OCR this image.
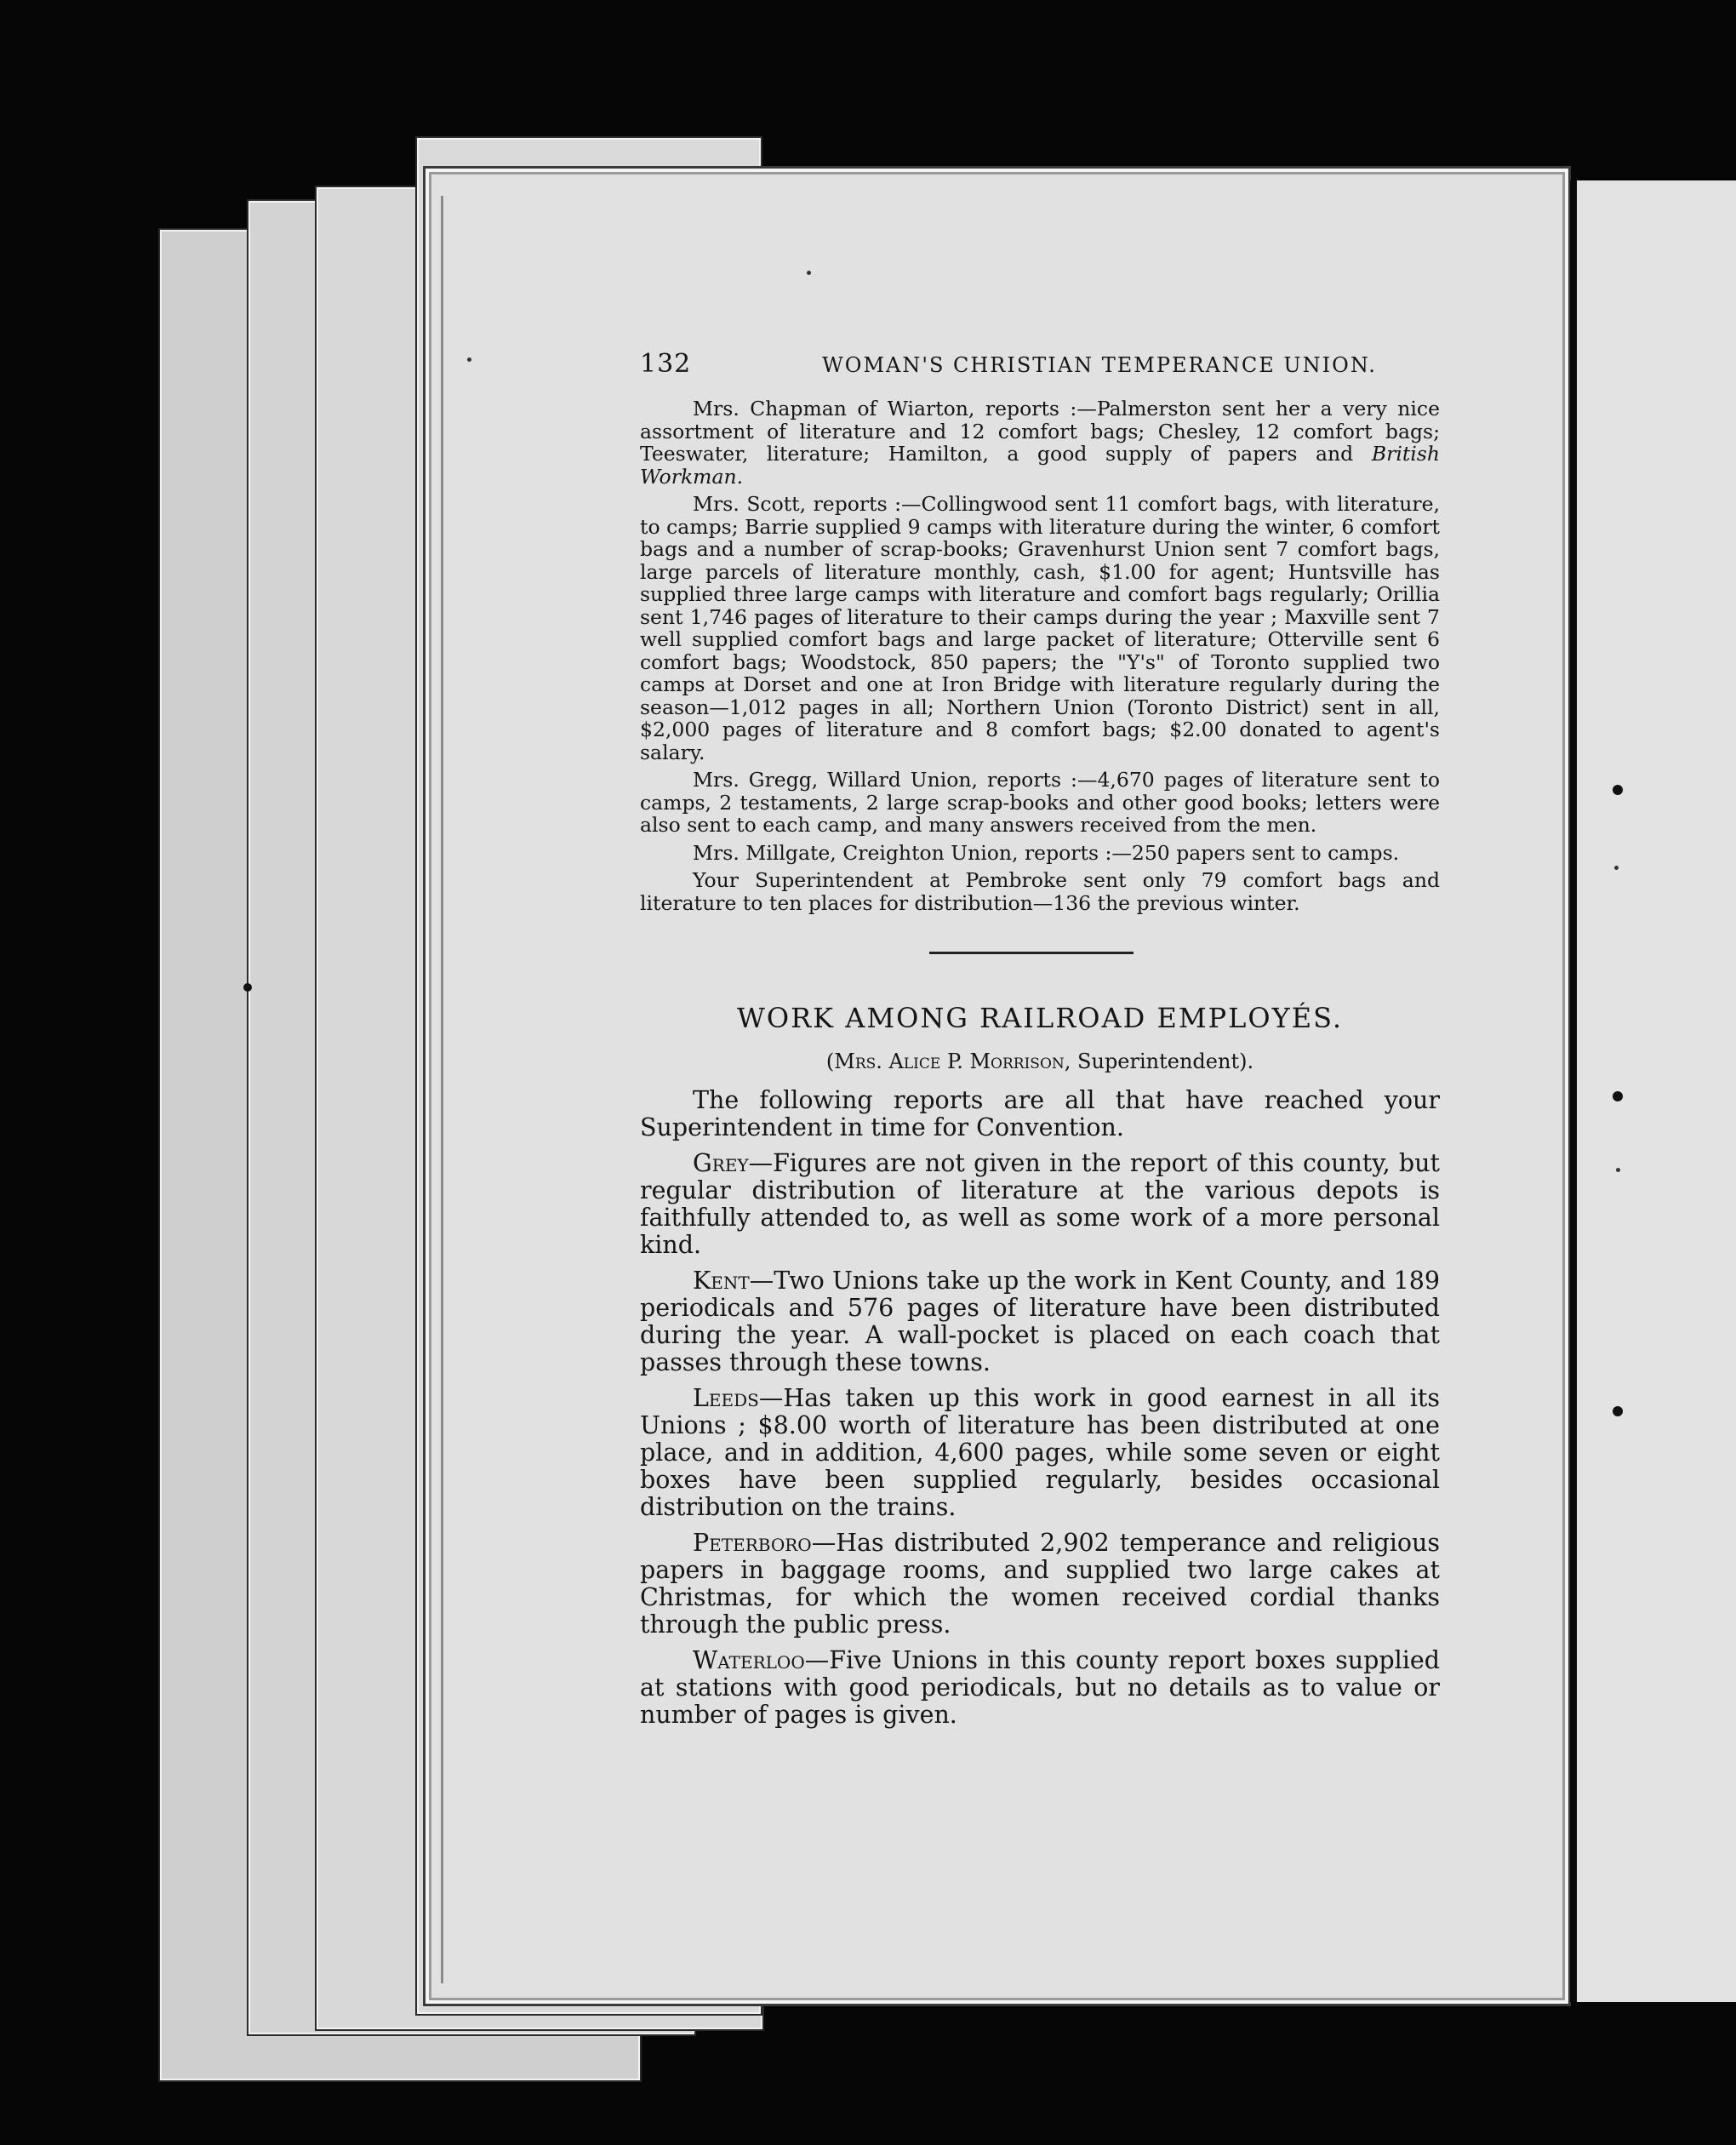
132	WOMAN'S CHRISTIAN TEMPERANCE UNION.

Mrs. Chapman of Wiarton, reports :—Palmerston sent her a very nice assortment of literature and 12 comfort bags; Chesley, 12 comfort bags; Teeswater, literature; Hamilton, a good supply of papers and British Workman.

Mrs. Scott, reports :—Collingwood sent 11 comfort bags, with literature, to camps; Barrie supplied 9 camps with literature during the winter, 6 comfort bags and a number of scrap-books; Gravenhurst Union sent 7 comfort bags, large parcels of literature monthly, cash, $1.00 for agent; Huntsville has supplied three large camps with literature and comfort bags regularly; Orillia sent 1,746 pages of literature to their camps during the year ; Maxville sent 7 well supplied comfort bags and large packet of literature; Otterville sent 6 comfort bags; Woodstock, 850 papers; the "Y's" of Toronto supplied two camps at Dorset and one at Iron Bridge with literature regularly during the season—1,012 pages in all; Northern Union (Toronto District) sent in all, $2,000 pages of literature and 8 comfort bags; $2.00 donated to agent's salary.

Mrs. Gregg, Willard Union, reports :—4,670 pages of literature sent to camps, 2 testaments, 2 large scrap-books and other good books; letters were also sent to each camp, and many answers received from the men.

Mrs. Millgate, Creighton Union, reports :—250 papers sent to camps.

Your Superintendent at Pembroke sent only 79 comfort bags and literature to ten places for distribution—136 the previous winter.

WORK AMONG RAILROAD EMPLOYÉS.
(Mrs. Alice P. Morrison, Superintendent).

The following reports are all that have reached your Superintendent in time for Convention.

Grey—Figures are not given in the report of this county, but regular distribution of literature at the various depots is faithfully attended to, as well as some work of a more personal kind.

Kent—Two Unions take up the work in Kent County, and 189 periodicals and 576 pages of literature have been distributed during the year. A wall-pocket is placed on each coach that passes through these towns.

Leeds—Has taken up this work in good earnest in all its Unions ; $8.00 worth of literature has been distributed at one place, and in addition, 4,600 pages, while some seven or eight boxes have been supplied regularly, besides occasional distribution on the trains.

Peterboro—Has distributed 2,902 temperance and religious papers in baggage rooms, and supplied two large cakes at Christmas, for which the women received cordial thanks through the public press.

Waterloo—Five Unions in this county report boxes supplied at stations with good periodicals, but no details as to value or number of pages is given.
